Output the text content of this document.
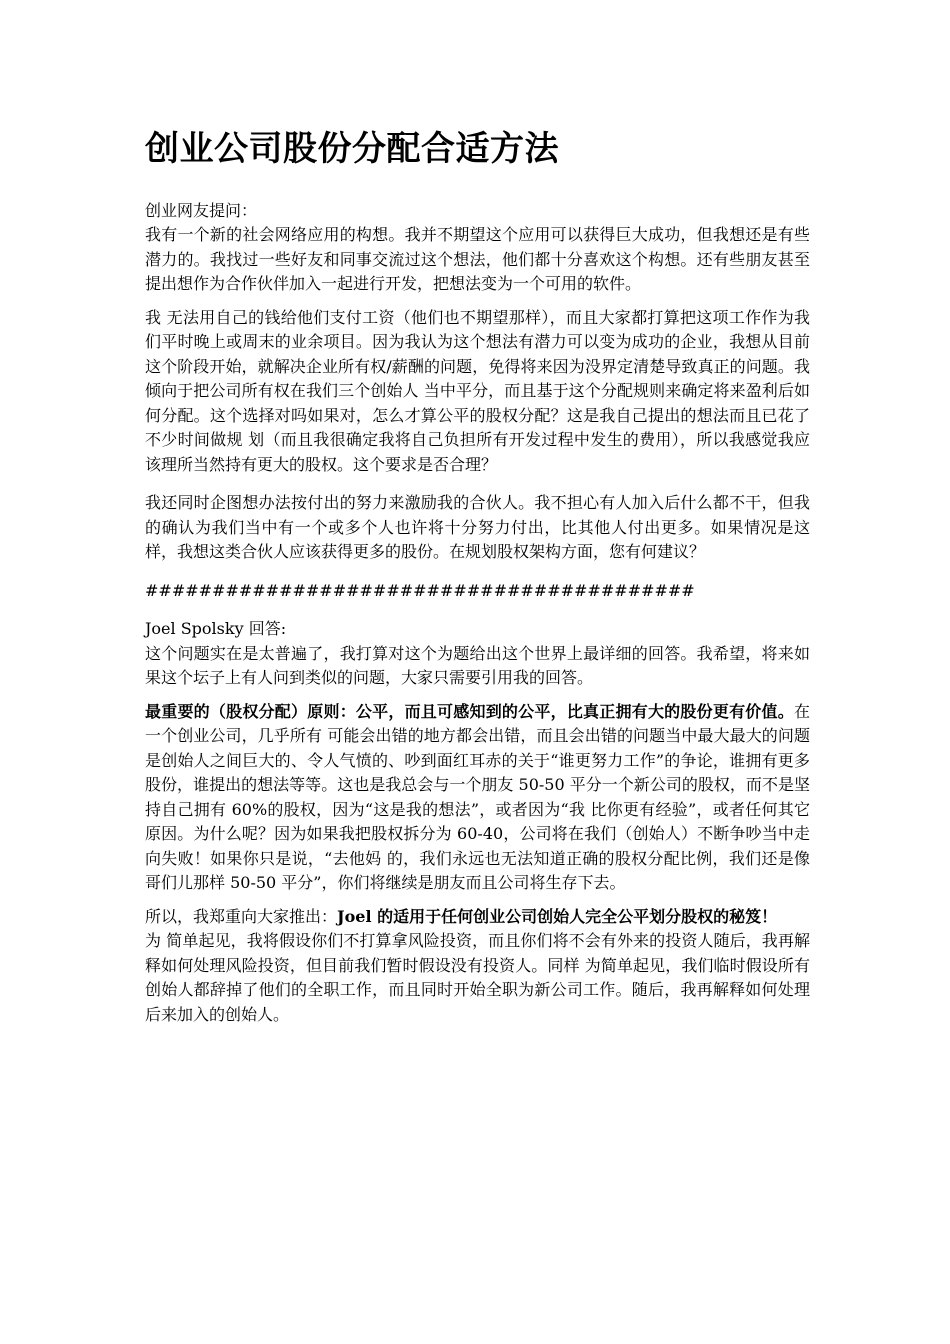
创业公司股份分配合适方法

创业网友提问：
我有一个新的社会网络应用的构想。我并不期望这个应用可以获得巨大成功，但我想还是有些潜力的。我找过一些好友和同事交流过这个想法，他们都十分喜欢这个构想。还有些朋友甚至提出想作为合作伙伴加入一起进行开发，把想法变为一个可用的软件。

我 无法用自己的钱给他们支付工资（他们也不期望那样），而且大家都打算把这项工作作为我们平时晚上或周末的业余项目。因为我认为这个想法有潜力可以变为成功的企业，我想从目前这个阶段开始，就解决企业所有权/薪酬的问题，免得将来因为没界定清楚导致真正的问题。我倾向于把公司所有权在我们三个创始人 当中平分，而且基于这个分配规则来确定将来盈利后如何分配。这个选择对吗如果对，怎么才算公平的股权分配？这是我自己提出的想法而且已花了不少时间做规 划（而且我很确定我将自己负担所有开发过程中发生的费用），所以我感觉我应该理所当然持有更大的股权。这个要求是否合理？

我还同时企图想办法按付出的努力来激励我的合伙人。我不担心有人加入后什么都不干，但我的确认为我们当中有一个或多个人也许将十分努力付出，比其他人付出更多。如果情况是这样，我想这类合伙人应该获得更多的股份。在规划股权架构方面，您有何建议？

#########################################

Joel Spolsky 回答:
这个问题实在是太普遍了，我打算对这个为题给出这个世界上最详细的回答。我希望，将来如果这个坛子上有人问到类似的问题，大家只需要引用我的回答。

最重要的（股权分配）原则：公平，而且可感知到的公平，比真正拥有大的股份更有价值。在 一个创业公司，几乎所有 可能会出错的地方都会出错，而且会出错的问题当中最大最大的问题是创始人之间巨大的、令人气愤的、吵到面红耳赤的关于“谁更努力工作”的争论，谁拥有更多 股份，谁提出的想法等等。这也是我总会与一个朋友 50-50 平分一个新公司的股权，而不是坚持自己拥有 60%的股权，因为“这是我的想法”，或者因为“我 比你更有经验”，或者任何其它原因。为什么呢？因为如果我把股权拆分为 60-40，公司将在我们（创始人）不断争吵当中走向失败！如果你只是说，“去他妈 的，我们永远也无法知道正确的股权分配比例，我们还是像哥们儿那样 50-50 平分”，你们将继续是朋友而且公司将生存下去。

所以，我郑重向大家推出：Joel 的适用于任何创业公司创始人完全公平划分股权的秘笈！
为 简单起见，我将假设你们不打算拿风险投资，而且你们将不会有外来的投资人随后，我再解释如何处理风险投资，但目前我们暂时假设没有投资人。同样 为简单起见，我们临时假设所有创始人都辞掉了他们的全职工作，而且同时开始全职为新公司工作。随后，我再解释如何处理后来加入的创始人。
